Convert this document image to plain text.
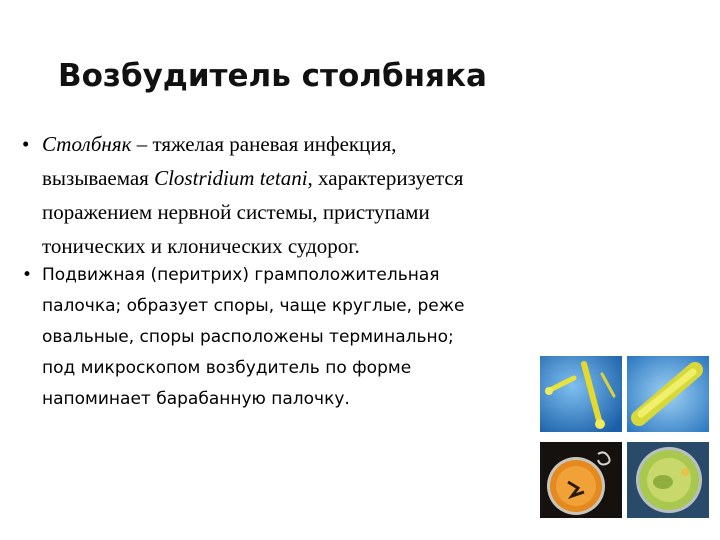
Возбудитель столбняка

• Столбняк – тяжелая раневая инфекция,
вызываемая Clostridium tetani, характеризуется
поражением нервной системы, приступами
тонических и клонических судорог.

• Подвижная (перитрих) грамположительная
палочка; образует споры, чаще круглые, реже
овальные, споры расположены терминально;
под микроскопом возбудитель по форме
напоминает барабанную палочку.
